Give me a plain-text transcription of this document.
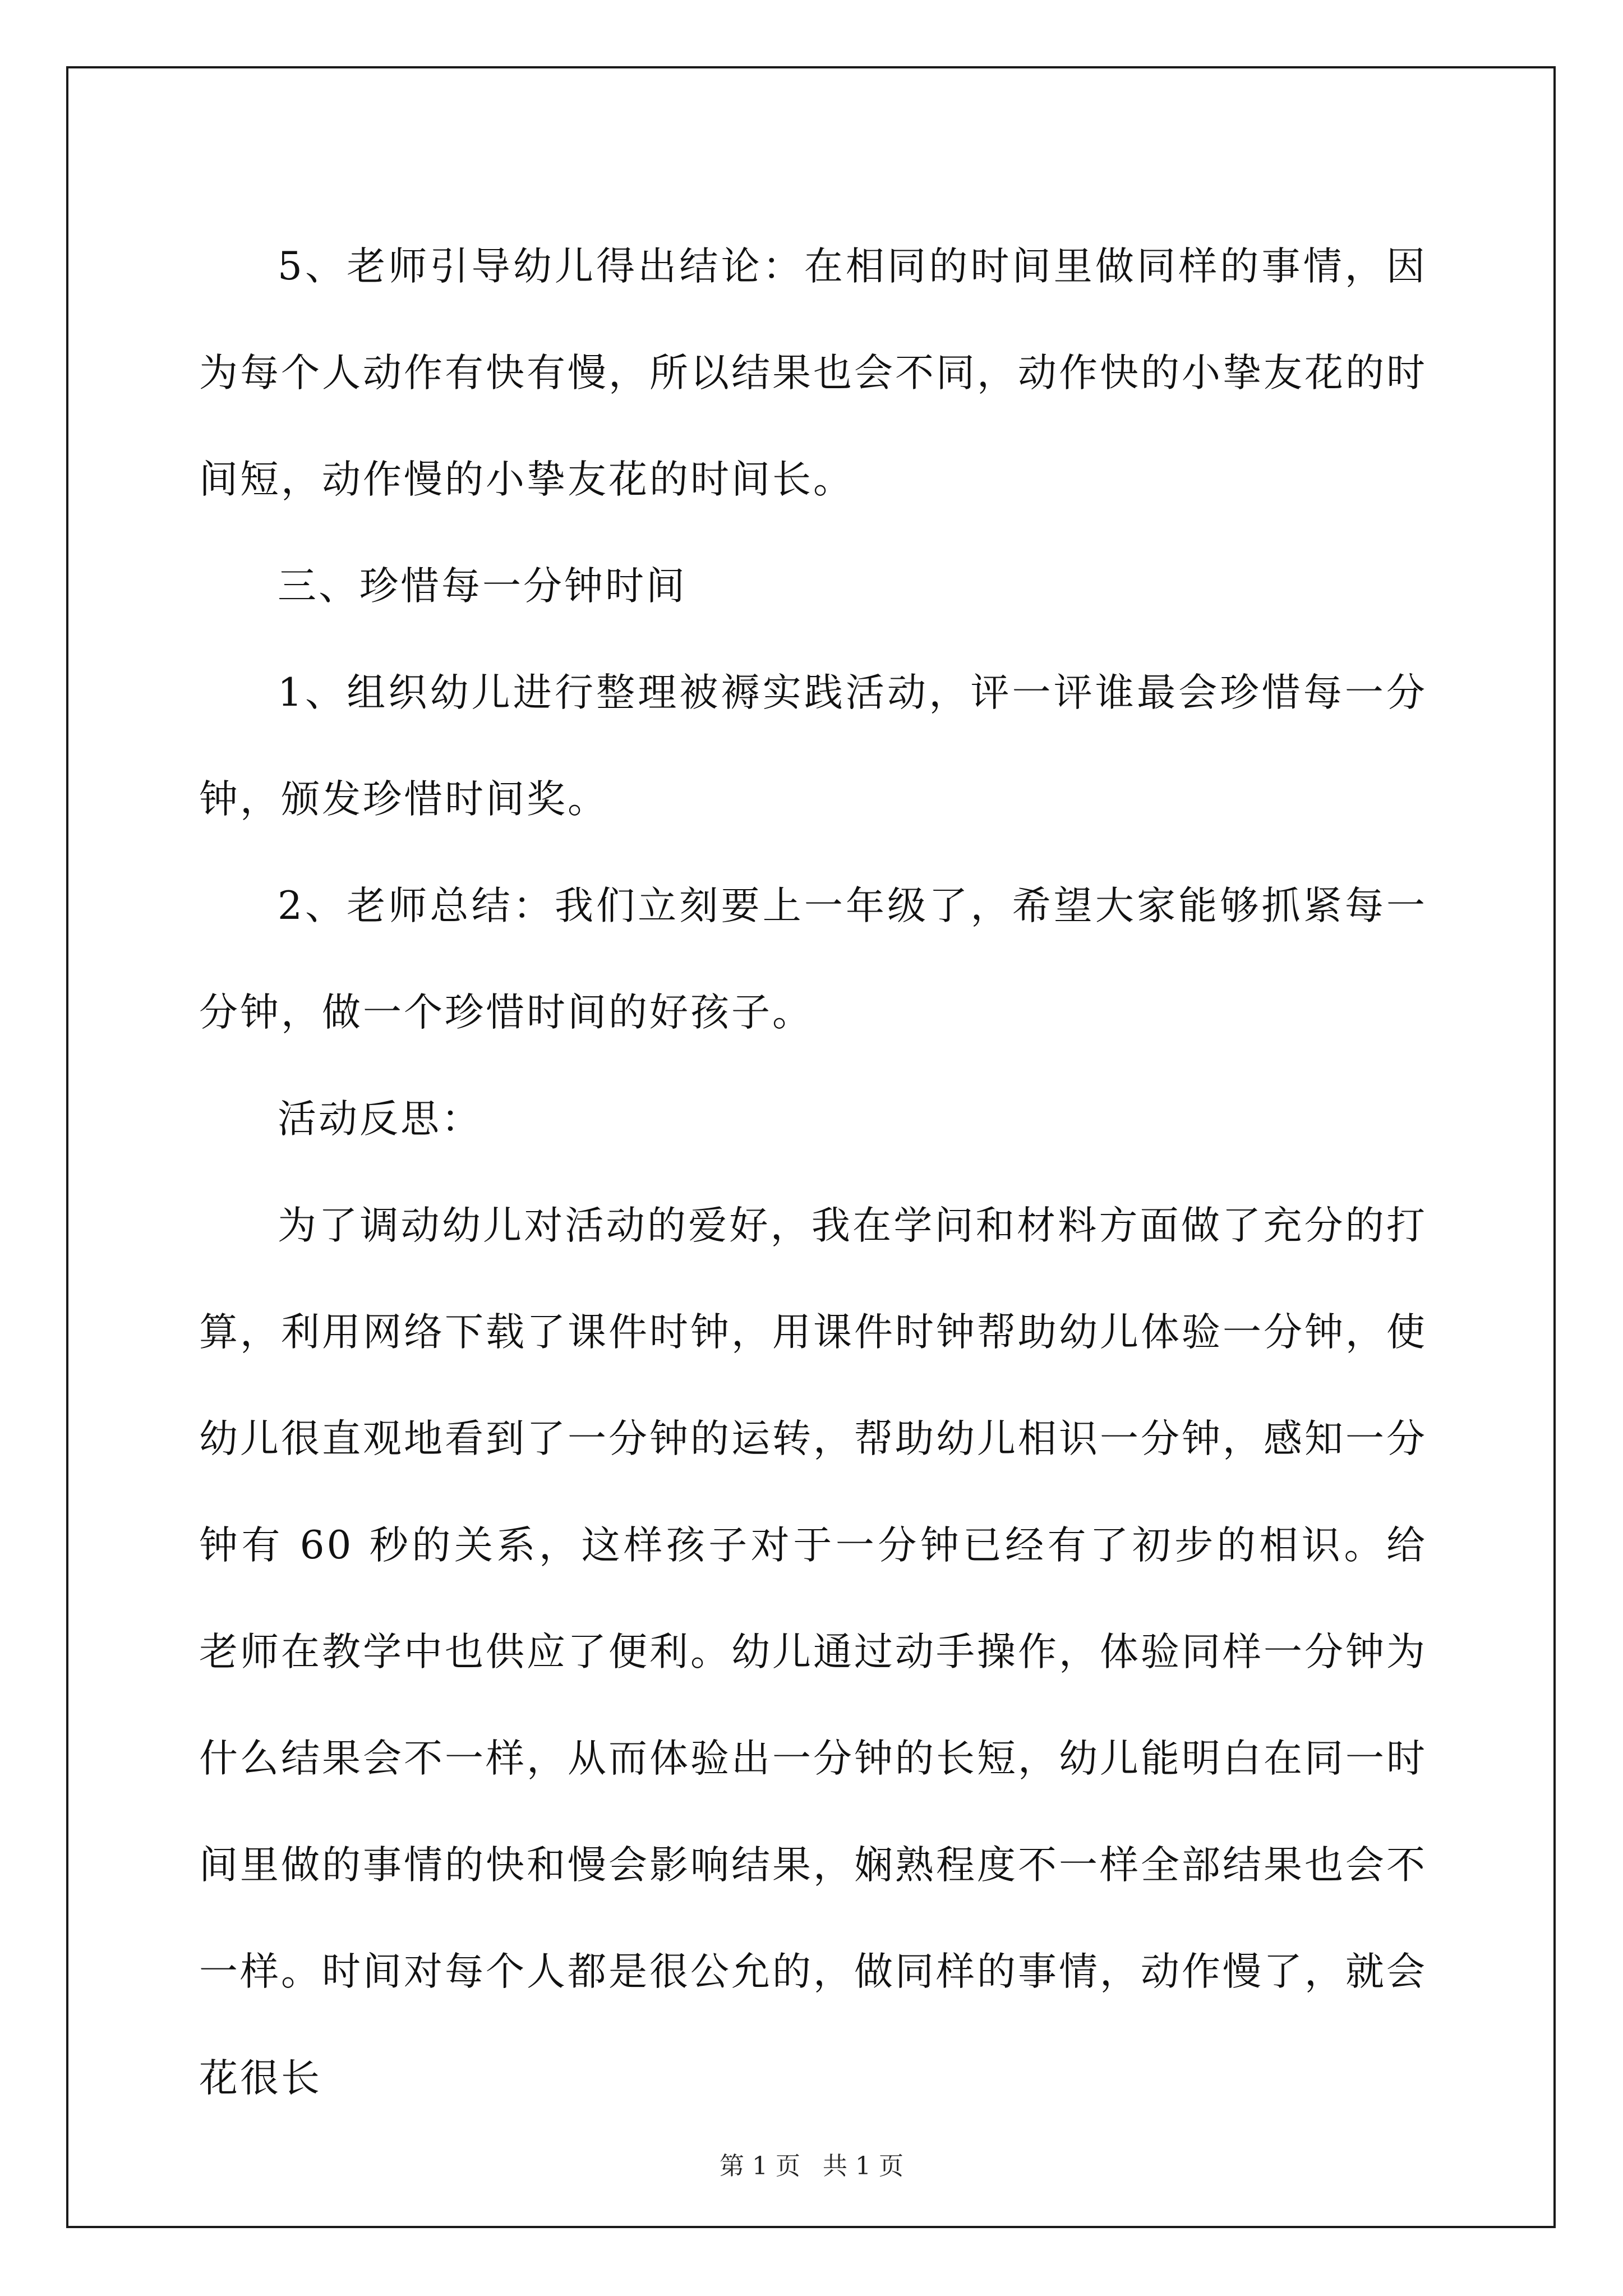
5、老师引导幼儿得出结论：在相同的时间里做同样的事情，因为每个人动作有快有慢，所以结果也会不同，动作快的小挚友花的时间短，动作慢的小挚友花的时间长。

三、珍惜每一分钟时间

1、组织幼儿进行整理被褥实践活动，评一评谁最会珍惜每一分钟，颁发珍惜时间奖。

2、老师总结：我们立刻要上一年级了，希望大家能够抓紧每一分钟，做一个珍惜时间的好孩子。

活动反思：

为了调动幼儿对活动的爱好，我在学问和材料方面做了充分的打算，利用网络下载了课件时钟，用课件时钟帮助幼儿体验一分钟，使幼儿很直观地看到了一分钟的运转，帮助幼儿相识一分钟，感知一分钟有 60 秒的关系，这样孩子对于一分钟已经有了初步的相识。给老师在教学中也供应了便利。幼儿通过动手操作，体验同样一分钟为什么结果会不一样，从而体验出一分钟的长短，幼儿能明白在同一时间里做的事情的快和慢会影响结果，娴熟程度不一样全部结果也会不一样。时间对每个人都是很公允的，做同样的事情，动作慢了，就会花很长

第 1 页 共 1 页
